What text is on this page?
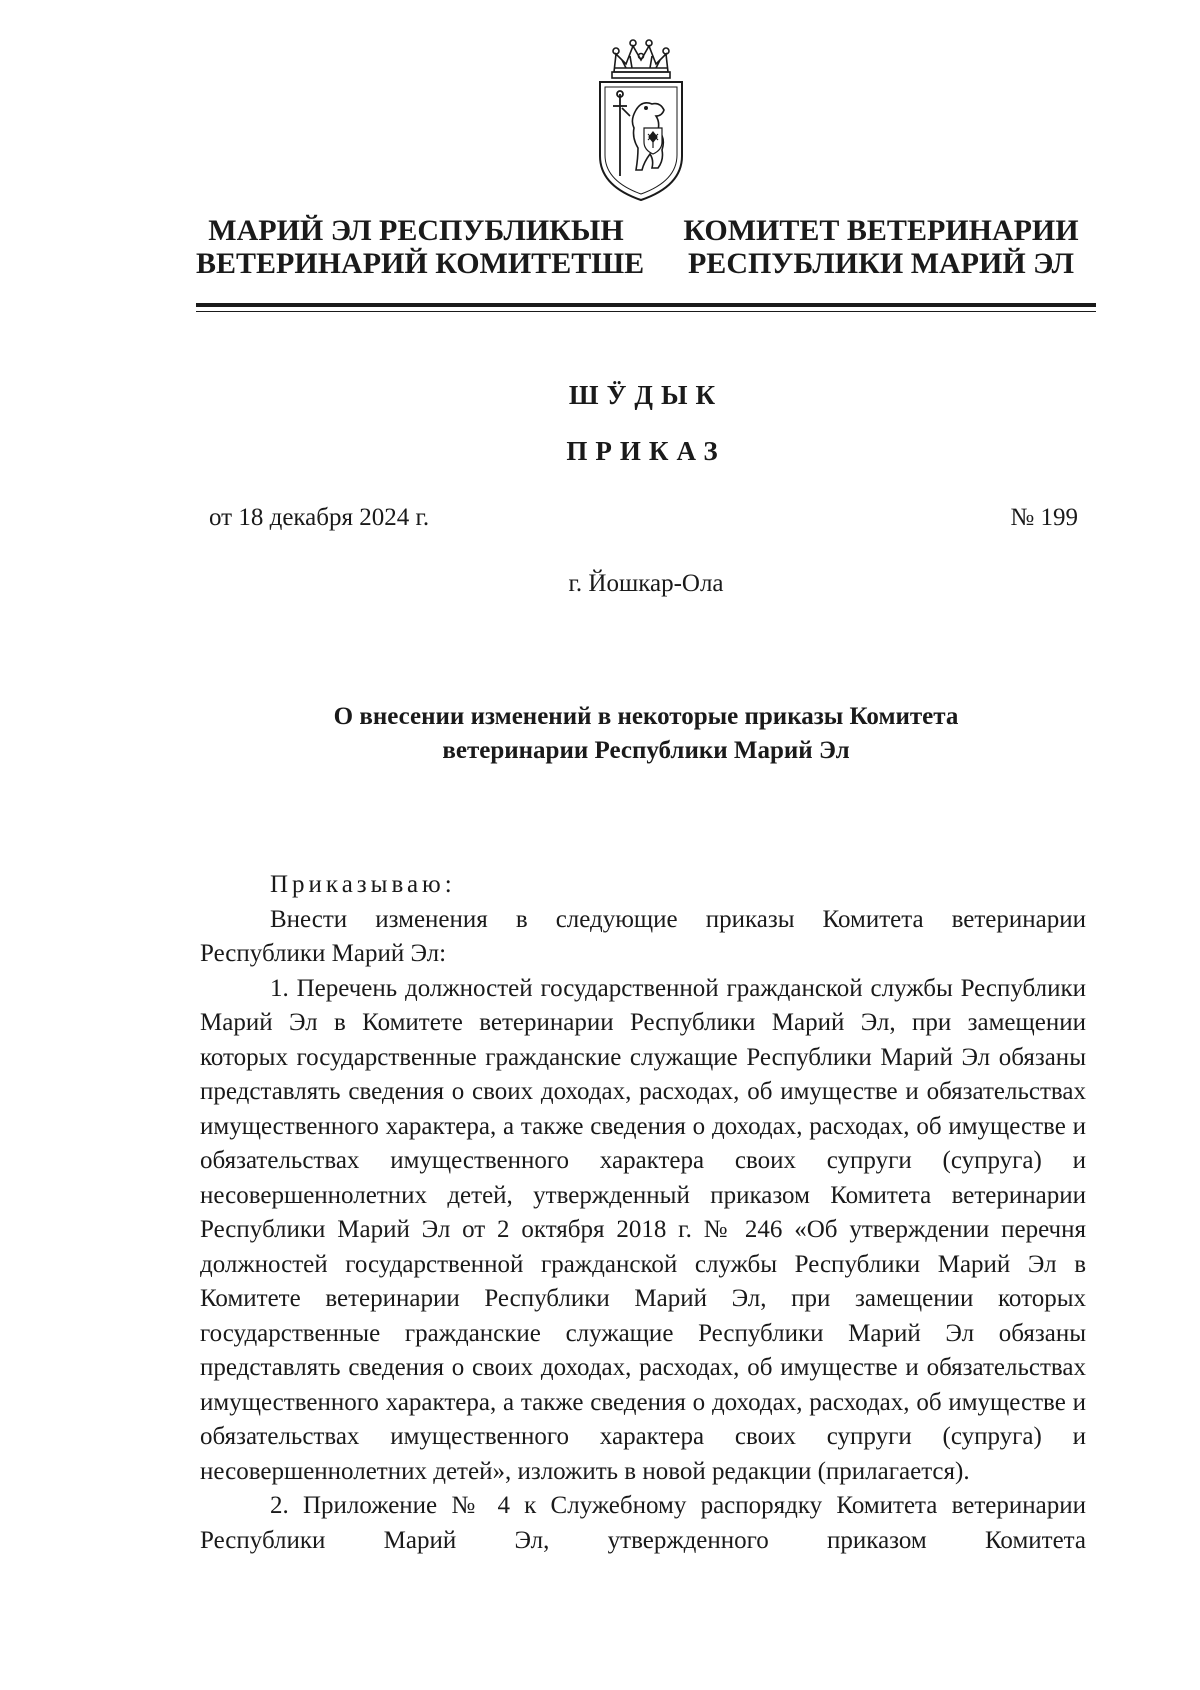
МАРИЙ ЭЛ РЕСПУБЛИКЫН
ВЕТЕРИНАРИЙ КОМИТЕТШЕ
КОМИТЕТ ВЕТЕРИНАРИИ
РЕСПУБЛИКИ МАРИЙ ЭЛ
ШӰДЫК
ПРИКАЗ
от 18 декабря 2024 г.	№ 199
г. Йошкар-Ола
О внесении изменений в некоторые приказы Комитета
ветеринарии Республики Марий Эл

Приказываю:

Внести изменения в следующие приказы Комитета ветеринарии Республики Марий Эл:

1. Перечень должностей государственной гражданской службы Республики Марий Эл в Комитете ветеринарии Республики Марий Эл, при замещении которых государственные гражданские служащие Республики Марий Эл обязаны представлять сведения о своих доходах, расходах, об имуществе и обязательствах имущественного характера, а также сведения о доходах, расходах, об имуществе и обязательствах имущественного характера своих супруги (супруга) и несовершеннолетних детей, утвержденный приказом Комитета ветеринарии Республики Марий Эл от 2 октября 2018 г. № 246 «Об утверждении перечня должностей государственной гражданской службы Республики Марий Эл в Комитете ветеринарии Республики Марий Эл, при замещении которых государственные гражданские служащие Республики Марий Эл обязаны представлять сведения о своих доходах, расходах, об имуществе и обязательствах имущественного характера, а также сведения о доходах, расходах, об имуществе и обязательствах имущественного характера своих супруги (супруга) и несовершеннолетних детей», изложить в новой редакции (прилагается).

2. Приложение № 4 к Служебному распорядку Комитета ветеринарии Республики Марий Эл, утвержденного приказом Комитета
